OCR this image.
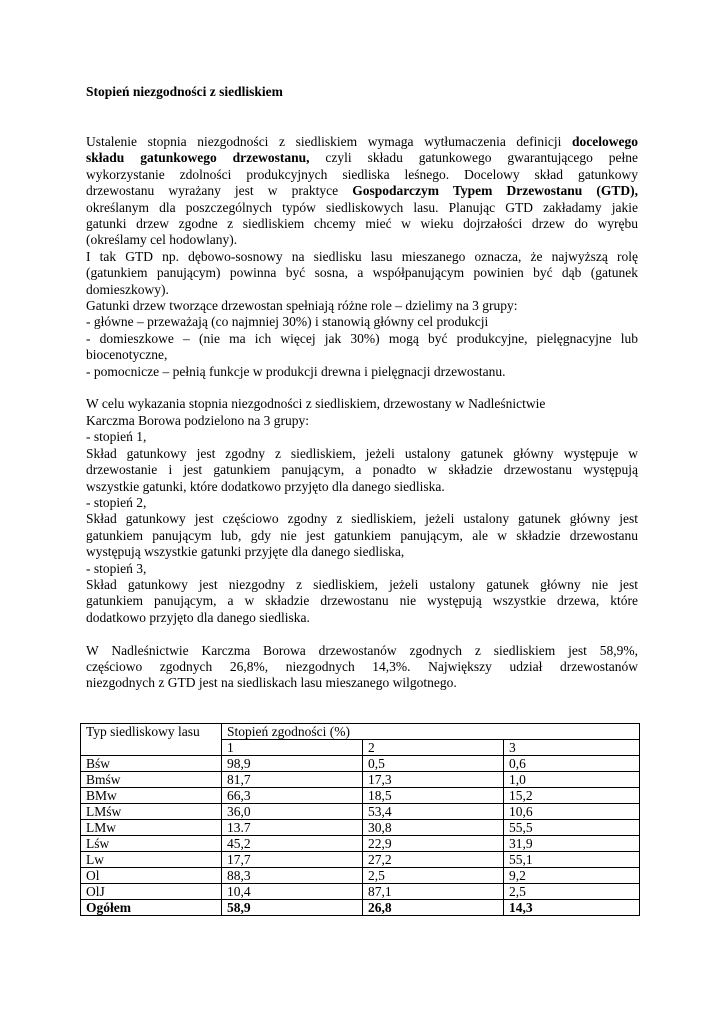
Stopień niezgodności z siedliskiem
Ustalenie stopnia niezgodności z siedliskiem wymaga wytłumaczenia definicji docelowego
składu gatunkowego drzewostanu, czyli składu gatunkowego gwarantującego pełne
wykorzystanie zdolności produkcyjnych siedliska leśnego. Docelowy skład gatunkowy
drzewostanu wyrażany jest w praktyce Gospodarczym Typem Drzewostanu (GTD),
określanym dla poszczególnych typów siedliskowych lasu. Planując GTD zakładamy jakie
gatunki drzew zgodne z siedliskiem chcemy mieć w wieku dojrzałości drzew do wyrębu
(określamy cel hodowlany).
I tak GTD np. dębowo-sosnowy na siedlisku lasu mieszanego oznacza, że najwyższą rolę
(gatunkiem panującym) powinna być sosna, a współpanującym powinien być dąb (gatunek
domieszkowy).
Gatunki drzew tworzące drzewostan spełniają różne role – dzielimy na 3 grupy:
- główne – przeważają (co najmniej 30%) i stanowią główny cel produkcji
- domieszkowe – (nie ma ich więcej jak 30%) mogą być produkcyjne, pielęgnacyjne lub
biocenotyczne,
- pomocnicze – pełnią funkcje w produkcji drewna i pielęgnacji drzewostanu.
W celu wykazania stopnia niezgodności z siedliskiem, drzewostany w Nadleśnictwie
Karczma Borowa podzielono na 3 grupy:
- stopień 1,
Skład gatunkowy jest zgodny z siedliskiem, jeżeli ustalony gatunek główny występuje w
drzewostanie i jest gatunkiem panującym, a ponadto w składzie drzewostanu występują
wszystkie gatunki, które dodatkowo przyjęto dla danego siedliska.
- stopień 2,
Skład gatunkowy jest częściowo zgodny z siedliskiem, jeżeli ustalony gatunek główny jest
gatunkiem panującym lub, gdy nie jest gatunkiem panującym, ale w składzie drzewostanu
występują wszystkie gatunki przyjęte dla danego siedliska,
- stopień 3,
Skład gatunkowy jest niezgodny z siedliskiem, jeżeli ustalony gatunek główny nie jest
gatunkiem panującym, a w składzie drzewostanu nie występują wszystkie drzewa, które
dodatkowo przyjęto dla danego siedliska.
W Nadleśnictwie Karczma Borowa drzewostanów zgodnych z siedliskiem jest 58,9%,
częściowo zgodnych 26,8%, niezgodnych 14,3%. Największy udział drzewostanów
niezgodnych z GTD jest na siedliskach lasu mieszanego wilgotnego.
Typ siedliskowy lasu	Stopień zgodności (%)		
	1	2	3
Bśw	98,9	0,5	0,6
Bmśw	81,7	17,3	1,0
BMw	66,3	18,5	15,2
LMśw	36,0	53,4	10,6
LMw	13.7	30,8	55,5
Lśw	45,2	22,9	31,9
Lw	17,7	27,2	55,1
Ol	88,3	2,5	9,2
OlJ	10,4	87,1	2,5
Ogółem	58,9	26,8	14,3
